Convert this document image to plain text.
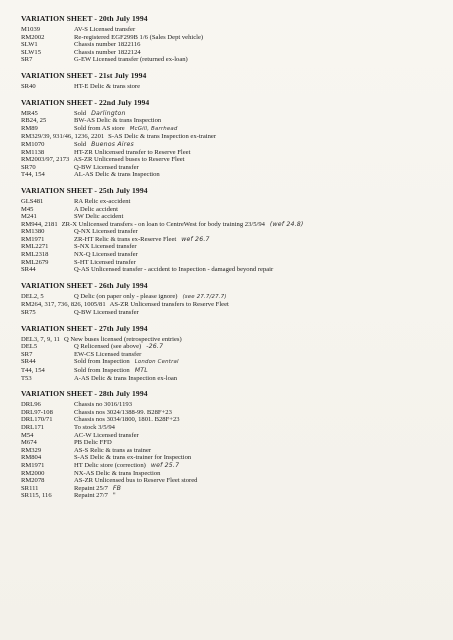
VARIATION SHEET - 20th July 1994
M1039	AV-S Licensed transfer
RM2002	Re-registered EGF299B 1/6 (Sales Dept vehicle)
SLW1	Chassis number 1822116
SLW15	Chassis number 1822124
SR7	G-EW Licensed transfer (returned ex-loan)
VARIATION SHEET - 21st July 1994
SR40	HT-E Delic & trans store
VARIATION SHEET - 22nd July 1994
MR45	Sold Darlington
RB24, 25	BW-AS Delic & trans Inspection
RM89	Sold from AS store McGill, Barrhead
RM329/39, 931/46, 1236, 2201 S-AS Delic & trans Inspection ex-trainer
RM1070	Sold Buenos Aires
RM1138	HT-ZR Unlicensed transfer to Reserve Fleet
RM2003/97, 2173 AS-ZR Unlicensed buses to Reserve Fleet
SR70	Q-BW Licensed transfer
T44, 154	AL-AS Delic & trans Inspection
VARIATION SHEET - 25th July 1994
GLS481	RA Relic ex-accident
M45	A Delic accident
M241	SW Delic accident
RM944, 2181 ZR-X Unlicensed transfers - on loan to CentreWest for body training 23/5/94 (wef 24.8)
RM1380	Q-NX Licensed transfer
RM1971	ZR-HT Relic & trans ex-Reserve Fleet wef 26.7
RML2271	S-NX Licensed transfer
RML2318	NX-Q Licensed transfer
RML2679	S-HT Licensed transfer
SR44	Q-AS Unlicensed transfer - accident to Inspection - damaged beyond repair
VARIATION SHEET - 26th July 1994
DEL2, 5	Q Delic (on paper only - please ignore) (see 27.7/27.7)
RM264, 317, 736, 826, 1005/81 AS-ZR Unlicensed transfers to Reserve Fleet
SR75	Q-BW Licensed transfer
VARIATION SHEET - 27th July 1994
DEL3, 7, 9, 11 Q New buses licensed (retrospective entries)
DEL5	Q Relicensed (see above) -26.7
SR7	EW-CS Licensed transfer
SR44	Sold from Inspection London Central
T44, 154	Sold from Inspection MTL
T53	A-AS Delic & trans Inspection ex-loan
VARIATION SHEET - 28th July 1994
DRL96	Chassis no 3016/1193
DRL97-108	Chassis nos 3024/1388-99. B28F+23
DRL170/71	Chassis nos 3034/1800, 1801. B28F+23
DRL171	To stock 3/5/94
M54	AC-W Licensed transfer
M674	PB Delic FFD
RM329	AS-S Relic & trans as trainer
RM804	S-AS Delic & trans ex-trainer for Inspection
RM1971	HT Delic store (correction) wef 25.7
RM2000	NX-AS Delic & trans Inspection
RM2078	AS-ZR Unlicensed bus to Reserve Fleet stored
SR111	Repaint 25/7 FB
SR115, 116	Repaint 27/7 "
